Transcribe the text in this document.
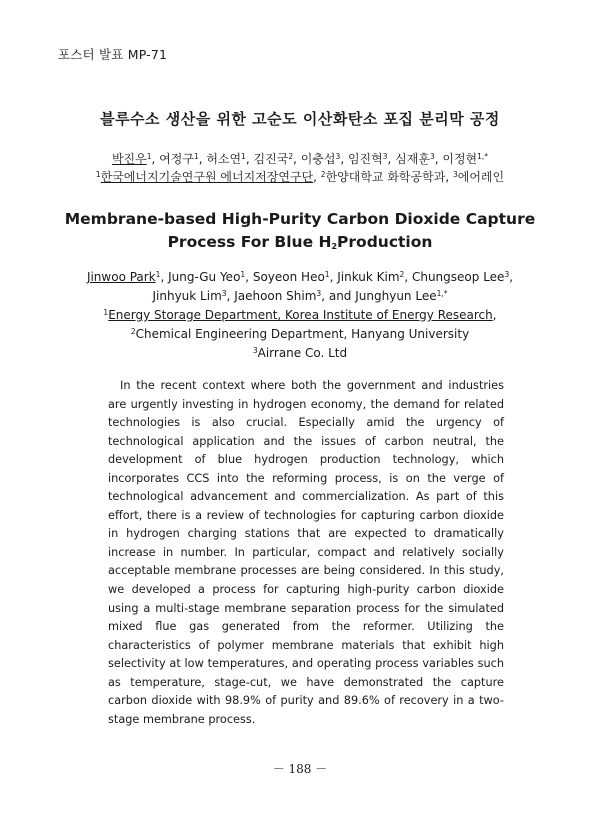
포스터 발표 MP-71
블루수소 생산을 위한 고순도 이산화탄소 포집 분리막 공정
박진우$^1$, 여정구$^1$, 허소연$^1$, 김진국$^2$, 이충섭$^3$, 임진혁$^3$, 심재훈$^3$, 이정현$^{1,*}$
$^1$한국에너지기술연구원 에너지저장연구단, $^2$한양대학교 화학공학과, $^3$에어레인
Membrane-based High-Purity Carbon Dioxide Capture
Process For Blue $H_2Production$
Jinwoo Park$^1$, Jung-Gu Yeo$^1$, Soyeon Heo$^1$, Jinkuk Kim$^2$, Chungseop Lee$^3$,
Jinhyuk Lim$^3$, Jaehoon Shim$^3$, and Junghyun Lee$^{1,*}$
$^1$Energy Storage Department, Korea Institute of Energy Research,
$^2$Chemical Engineering Department, Hanyang University
$^3$Airrane Co. Ltd
In the recent context where both the government and industries are urgently investing in hydrogen economy, the demand for related technologies is also crucial. Especially amid the urgency of technological application and the issues of carbon neutral, the development of blue hydrogen production technology, which incorporates CCS into the reforming process, is on the verge of technological advancement and commercialization. As part of this effort, there is a review of technologies for capturing carbon dioxide in hydrogen charging stations that are expected to dramatically increase in number. In particular, compact and relatively socially acceptable membrane processes are being considered. In this study, we developed a process for capturing high-purity carbon dioxide using a multi-stage membrane separation process for the simulated mixed flue gas generated from the reformer. Utilizing the characteristics of polymer membrane materials that exhibit high selectivity at low temperatures, and operating process variables such as temperature, stage-cut, we have demonstrated the capture carbon dioxide with 98.9% of purity and 89.6% of recovery in a two-stage membrane process.
－ 188 －
